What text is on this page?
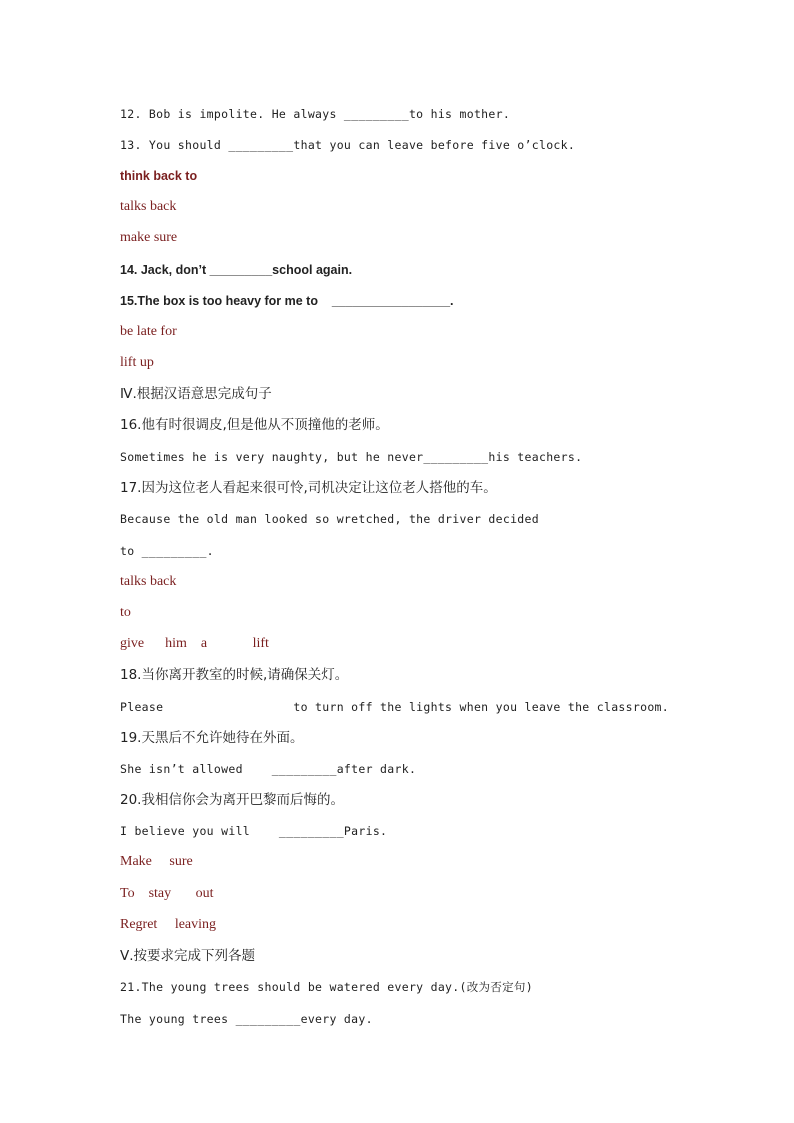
12. Bob is impolite. He always _________to his mother.
13. You should _________that you can leave before five o’clock.
think back to
talks back
make sure
14. Jack, don’t _________school again.
15.The box is too heavy for me to    _________________.
be late for
lift up
Ⅳ.根据汉语意思完成句子
16.他有时很调皮,但是他从不顶撞他的老师。
Sometimes he is very naughty, but he never_________his teachers.
17.因为这位老人看起来很可怜,司机决定让这位老人搭他的车。
Because the old man looked so wretched, the driver decided
to _________.
talks back
to
give      him    a             lift
18.当你离开教室的时候,请确保关灯。
Please                  to turn off the lights when you leave the classroom.
19.天黑后不允许她待在外面。
She isn’t allowed    _________after dark.
20.我相信你会为离开巴黎而后悔的。
I believe you will    _________Paris.
Make     sure
To    stay       out
Regret     leaving
Ⅴ.按要求完成下列各题
21.The young trees should be watered every day.(改为否定句)
The young trees _________every day.
